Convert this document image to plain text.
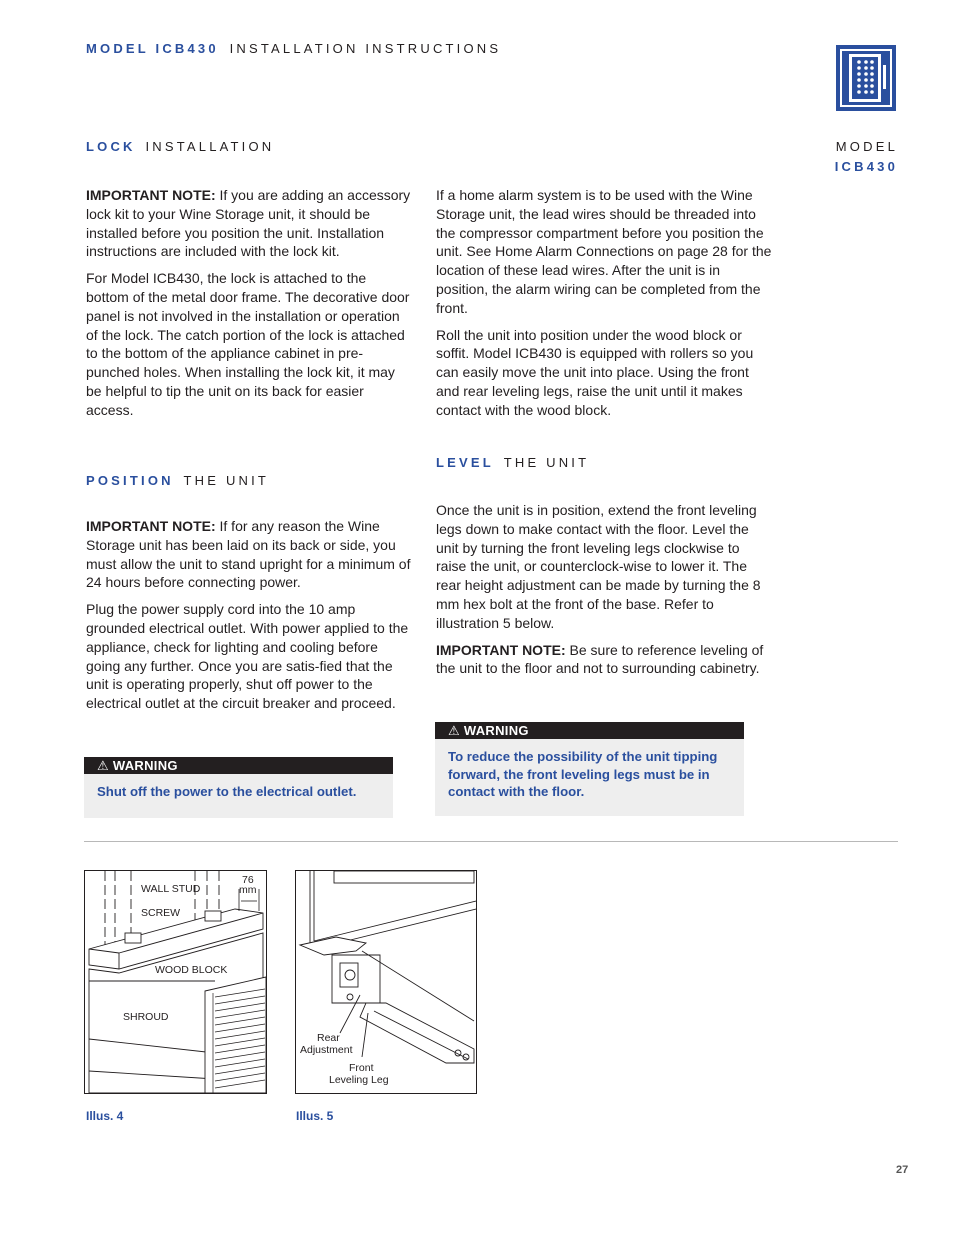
MODEL ICB430 INSTALLATION INSTRUCTIONS
MODEL
ICB430
LOCK INSTALLATION

IMPORTANT NOTE: If you are adding an accessory lock kit to your Wine Storage unit, it should be installed before you position the unit. Installation instructions are included with the lock kit.

For Model ICB430, the lock is attached to the bottom of the metal door frame. The decorative door panel is not involved in the installation or operation of the lock. The catch portion of the lock is attached to the bottom of the appliance cabinet in pre-punched holes. When installing the lock kit, it may be helpful to tip the unit on its back for easier access.

POSITION THE UNIT

IMPORTANT NOTE: If for any reason the Wine Storage unit has been laid on its back or side, you must allow the unit to stand upright for a minimum of 24 hours before connecting power.

Plug the power supply cord into the 10 amp grounded electrical outlet. With power applied to the appliance, check for lighting and cooling before going any further. Once you are satis-fied that the unit is operating properly, shut off power to the electrical outlet at the circuit breaker and proceed.

⚠ WARNING
Shut off the power to the electrical outlet.

If a home alarm system is to be used with the Wine Storage unit, the lead wires should be threaded into the compressor compartment before you position the unit. See Home Alarm Connections on page 28 for the location of these lead wires. After the unit is in position, the alarm wiring can be completed from the front.

Roll the unit into position under the wood block or soffit. Model ICB430 is equipped with rollers so you can easily move the unit into place. Using the front and rear leveling legs, raise the unit until it makes contact with the wood block.

LEVEL THE UNIT

Once the unit is in position, extend the front leveling legs down to make contact with the floor. Level the unit by turning the front leveling legs clockwise to raise the unit, or counterclock-wise to lower it. The rear height adjustment can be made by turning the 8 mm hex bolt at the front of the base. Refer to illustration 5 below.

IMPORTANT NOTE: Be sure to reference leveling of the unit to the floor and not to surrounding cabinetry.

⚠ WARNING
To reduce the possibility of the unit tipping forward, the front leveling legs must be in contact with the floor.
76
mm
WALL STUD
SCREW
WOOD BLOCK
SHROUD
Illus. 4
Rear
Adjustment
Front
Leveling Leg
Illus. 5
27
